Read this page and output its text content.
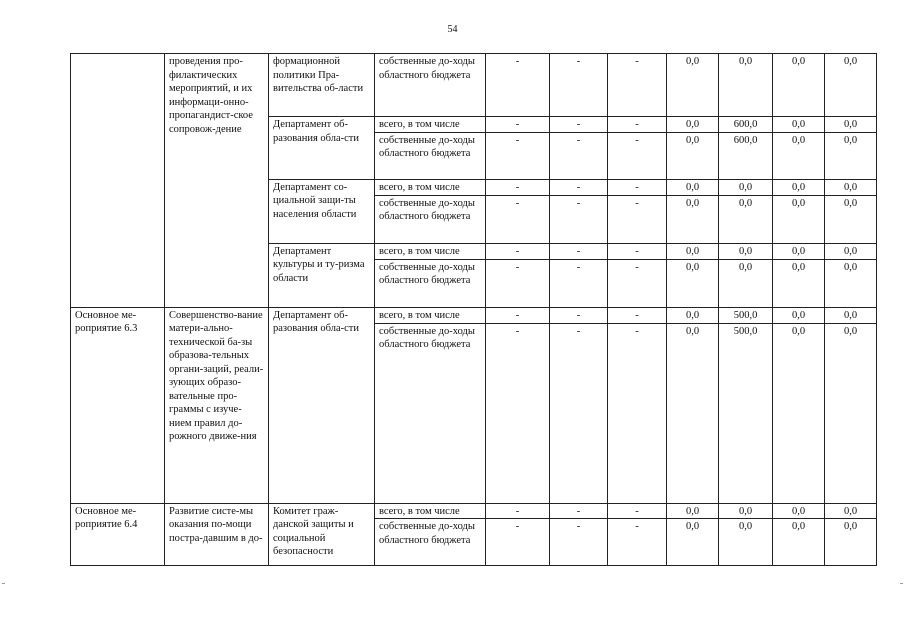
54
	проведения про-филактических мероприятий, и их информаци-онно-пропагандист-ское сопровож-дение	формационной политики Пра-вительства об-ласти	собственные до-ходы областного бюджета	-	-	-	0,0	0,0	0,0	0,0
		Департамент об-разования обла-сти	всего, в том числе	-	-	-	0,0	600,0	0,0	0,0
			собственные до-ходы областного бюджета	-	-	-	0,0	600,0	0,0	0,0
		Департамент со-циальной защи-ты населения области	всего, в том числе	-	-	-	0,0	0,0	0,0	0,0
			собственные до-ходы областного бюджета	-	-	-	0,0	0,0	0,0	0,0
		Департамент культуры и ту-ризма области	всего, в том числе	-	-	-	0,0	0,0	0,0	0,0
			собственные до-ходы областного бюджета	-	-	-	0,0	0,0	0,0	0,0
Основное ме-роприятие 6.3	Совершенство-вание матери-ально-технической ба-зы образова-тельных органи-заций, реали-зующих образо-вательные про-граммы с изуче-нием правил до-рожного движе-ния	Департамент об-разования обла-сти	всего, в том числе	-	-	-	0,0	500,0	0,0	0,0
			собственные до-ходы областного бюджета	-	-	-	0,0	500,0	0,0	0,0
Основное ме-роприятие 6.4	Развитие систе-мы оказания по-мощи постра-давшим в до-	Комитет граж-данской защиты и социальной безопасности	всего, в том числе	-	-	-	0,0	0,0	0,0	0,0
			собственные до-ходы областного бюджета	-	-	-	0,0	0,0	0,0	0,0
